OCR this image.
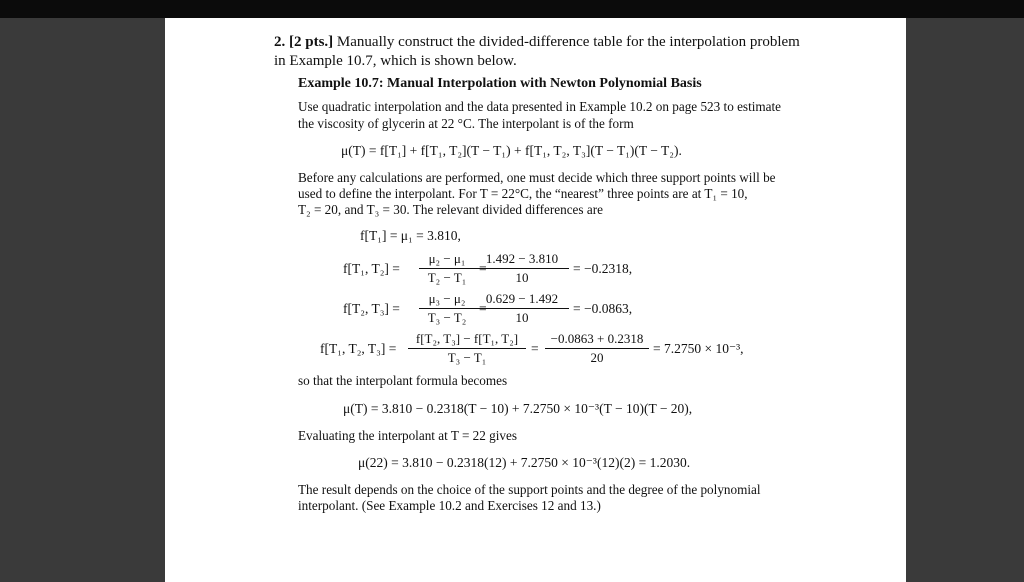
2. [2 pts.] Manually construct the divided-difference table for the interpolation problem
in Example 10.7, which is shown below.
Example 10.7: Manual Interpolation with Newton Polynomial Basis
Use quadratic interpolation and the data presented in Example 10.2 on page 523 to estimate
the viscosity of glycerin at 22 °C. The interpolant is of the form
μ(T) = f[T₁] + f[T₁, T₂](T − T₁) + f[T₁, T₂, T₃](T − T₁)(T − T₂).
Before any calculations are performed, one must decide which three support points will be
used to define the interpolant. For T = 22°C, the “nearest” three points are at T₁ = 10,
T₂ = 20, and T₃ = 30. The relevant divided differences are
f[T₁] = μ₁ = 3.810,
f[T₁, T₂] =
μ₂ − μ₁
T₂ − T₁
=
1.492 − 3.810
10
= −0.2318,
f[T₂, T₃] =
μ₃ − μ₂
T₃ − T₂
=
0.629 − 1.492
10
= −0.0863,
f[T₁, T₂, T₃] =
f[T₂, T₃] − f[T₁, T₂]
T₃ − T₁
=
−0.0863 + 0.2318
20
= 7.2750 × 10⁻³,
so that the interpolant formula becomes
μ(T) = 3.810 − 0.2318(T − 10) + 7.2750 × 10⁻³(T − 10)(T − 20),
Evaluating the interpolant at T = 22 gives
μ(22) = 3.810 − 0.2318(12) + 7.2750 × 10⁻³(12)(2) = 1.2030.
The result depends on the choice of the support points and the degree of the polynomial
interpolant. (See Example 10.2 and Exercises 12 and 13.)
